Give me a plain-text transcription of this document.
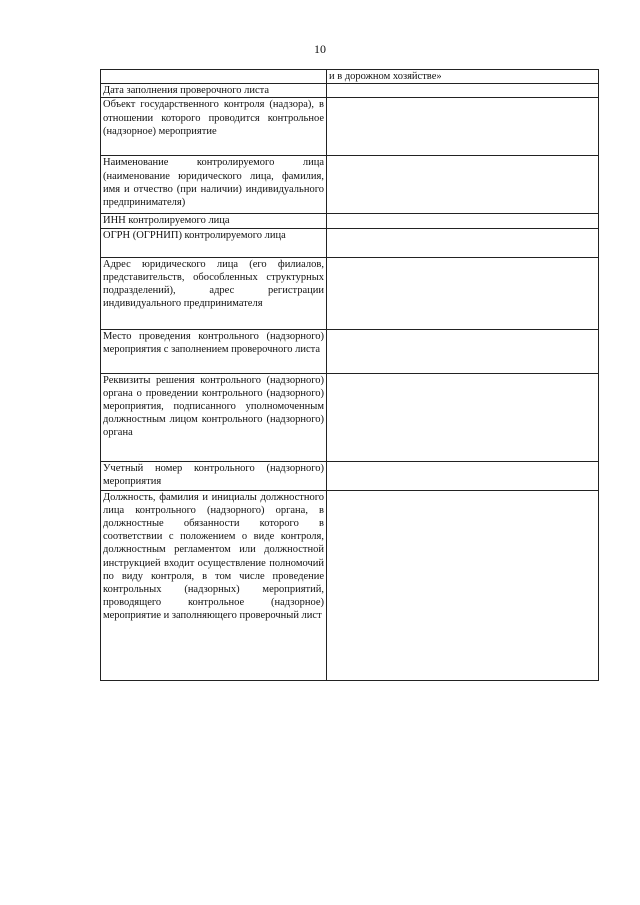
10
	и в дорожном хозяйстве»
Дата заполнения проверочного листа	
Объект государственного контроля (надзора), в отношении которого проводится контрольное (надзорное) мероприятие	
Наименование контролируемого лица (наименование юридического лица, фамилия, имя и отчество (при наличии) индивидуального предпринимателя)	
ИНН контролируемого лица	
ОГРН (ОГРНИП) контролируемого лица	
Адрес юридического лица (его филиалов, представительств, обособленных структурных подразделений), адрес регистрации индивидуального предпринимателя	
Место проведения контрольного (надзорного) мероприятия с заполнением проверочного листа	
Реквизиты решения контрольного (надзорного) органа о проведении контрольного (надзорного) мероприятия, подписанного уполномоченным должностным лицом контрольного (надзорного) органа	
Учетный номер контрольного (надзорного) мероприятия	
Должность, фамилия и инициалы должностного лица контрольного (надзорного) органа, в должностные обязанности которого в соответствии с положением о виде контроля, должностным регламентом или должностной инструкцией входит осуществление полномочий по виду контроля, в том числе проведение контрольных (надзорных) мероприятий, проводящего контрольное (надзорное) мероприятие и заполняющего проверочный лист	
